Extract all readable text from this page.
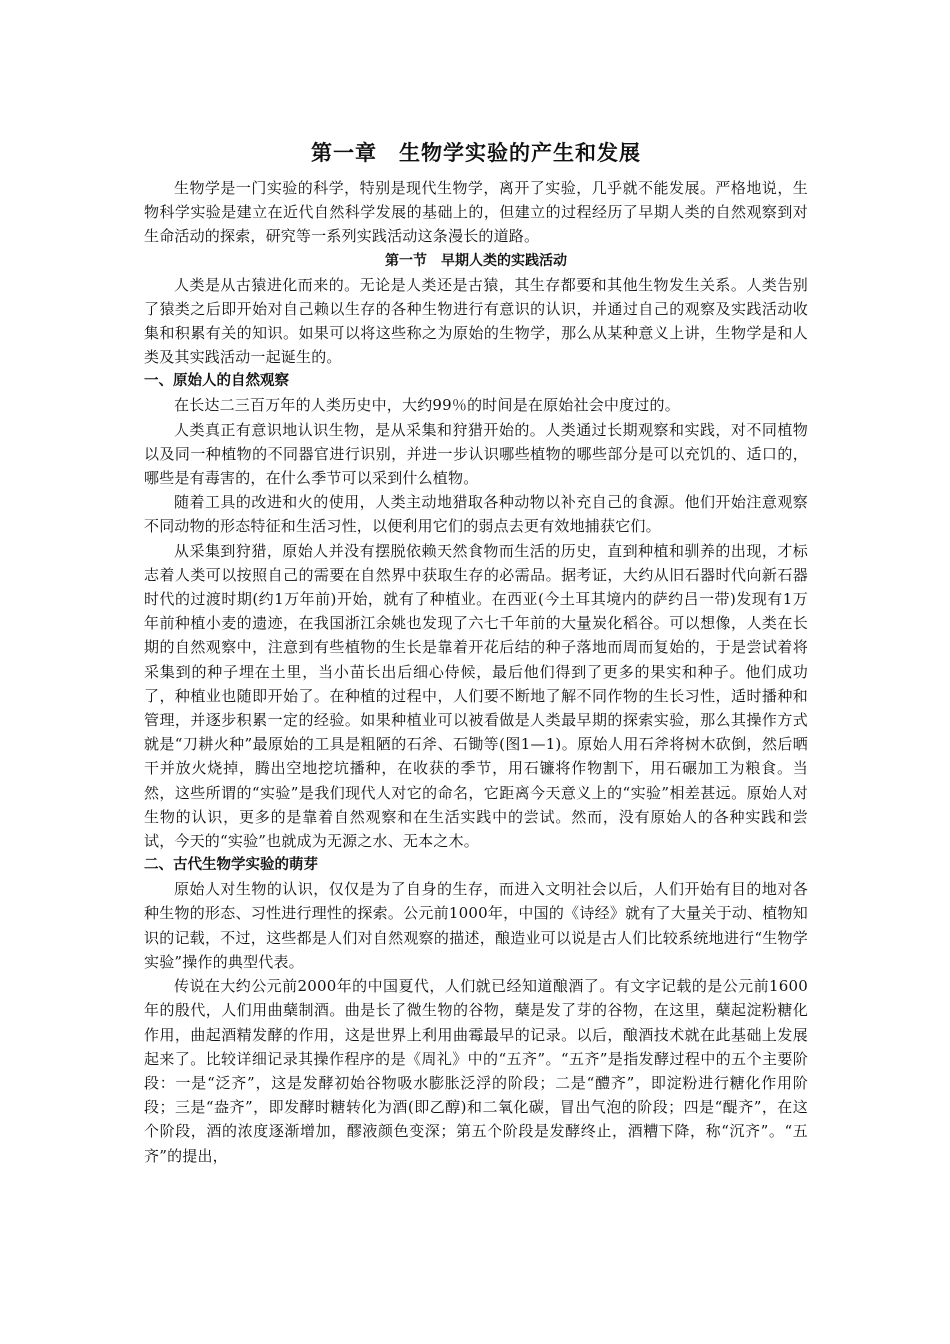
第一章　生物学实验的产生和发展

生物学是一门实验的科学，特别是现代生物学，离开了实验，几乎就不能发展。严格地说，生物科学实验是建立在近代自然科学发展的基础上的，但建立的过程经历了早期人类的自然观察到对生命活动的探索，研究等一系列实践活动这条漫长的道路。

第一节　早期人类的实践活动

人类是从古猿进化而来的。无论是人类还是古猿，其生存都要和其他生物发生关系。人类告别了猿类之后即开始对自己赖以生存的各种生物进行有意识的认识，并通过自己的观察及实践活动收集和积累有关的知识。如果可以将这些称之为原始的生物学，那么从某种意义上讲，生物学是和人类及其实践活动一起诞生的。

一、原始人的自然观察

在长达二三百万年的人类历史中，大约99％的时间是在原始社会中度过的。

人类真正有意识地认识生物，是从采集和狩猎开始的。人类通过长期观察和实践，对不同植物以及同一种植物的不同器官进行识别，并进一步认识哪些植物的哪些部分是可以充饥的、适口的，哪些是有毒害的，在什么季节可以采到什么植物。

随着工具的改进和火的使用，人类主动地猎取各种动物以补充自己的食源。他们开始注意观察不同动物的形态特征和生活习性，以便利用它们的弱点去更有效地捕获它们。

从采集到狩猎，原始人并没有摆脱依赖天然食物而生活的历史，直到种植和驯养的出现，才标志着人类可以按照自己的需要在自然界中获取生存的必需品。据考证，大约从旧石器时代向新石器时代的过渡时期(约1万年前)开始，就有了种植业。在西亚(今土耳其境内的萨约吕一带)发现有1万年前种植小麦的遗迹，在我国浙江余姚也发现了六七千年前的大量炭化稻谷。可以想像，人类在长期的自然观察中，注意到有些植物的生长是靠着开花后结的种子落地而周而复始的，于是尝试着将采集到的种子埋在土里，当小苗长出后细心侍候，最后他们得到了更多的果实和种子。他们成功了，种植业也随即开始了。在种植的过程中，人们要不断地了解不同作物的生长习性，适时播种和管理，并逐步积累一定的经验。如果种植业可以被看做是人类最早期的探索实验，那么其操作方式就是“刀耕火种”最原始的工具是粗陋的石斧、石锄等(图1—1)。原始人用石斧将树木砍倒，然后晒干并放火烧掉，腾出空地挖坑播种，在收获的季节，用石镰将作物割下，用石碾加工为粮食。当然，这些所谓的“实验”是我们现代人对它的命名，它距离今天意义上的“实验”相差甚远。原始人对生物的认识，更多的是靠着自然观察和在生活实践中的尝试。然而，没有原始人的各种实践和尝试，今天的“实验”也就成为无源之水、无本之木。

二、古代生物学实验的萌芽

原始人对生物的认识，仅仅是为了自身的生存，而进入文明社会以后，人们开始有目的地对各种生物的形态、习性进行理性的探索。公元前1000年，中国的《诗经》就有了大量关于动、植物知识的记载，不过，这些都是人们对自然观察的描述，酿造业可以说是古人们比较系统地进行“生物学实验”操作的典型代表。

传说在大约公元前2000年的中国夏代，人们就已经知道酿酒了。有文字记载的是公元前1600年的殷代，人们用曲蘖制酒。曲是长了微生物的谷物，蘖是发了芽的谷物，在这里，蘖起淀粉糖化作用，曲起酒精发酵的作用，这是世界上利用曲霉最早的记录。以后，酿酒技术就在此基础上发展起来了。比较详细记录其操作程序的是《周礼》中的“五齐”。“五齐”是指发酵过程中的五个主要阶段：一是“泛齐”，这是发酵初始谷物吸水膨胀泛浮的阶段；二是“醴齐”，即淀粉进行糖化作用阶段；三是“盎齐”，即发酵时糖转化为酒(即乙醇)和二氧化碳，冒出气泡的阶段；四是“醍齐”，在这个阶段，酒的浓度逐渐增加，醪液颜色变深；第五个阶段是发酵终止，酒糟下降，称“沉齐”。“五齐”的提出，
